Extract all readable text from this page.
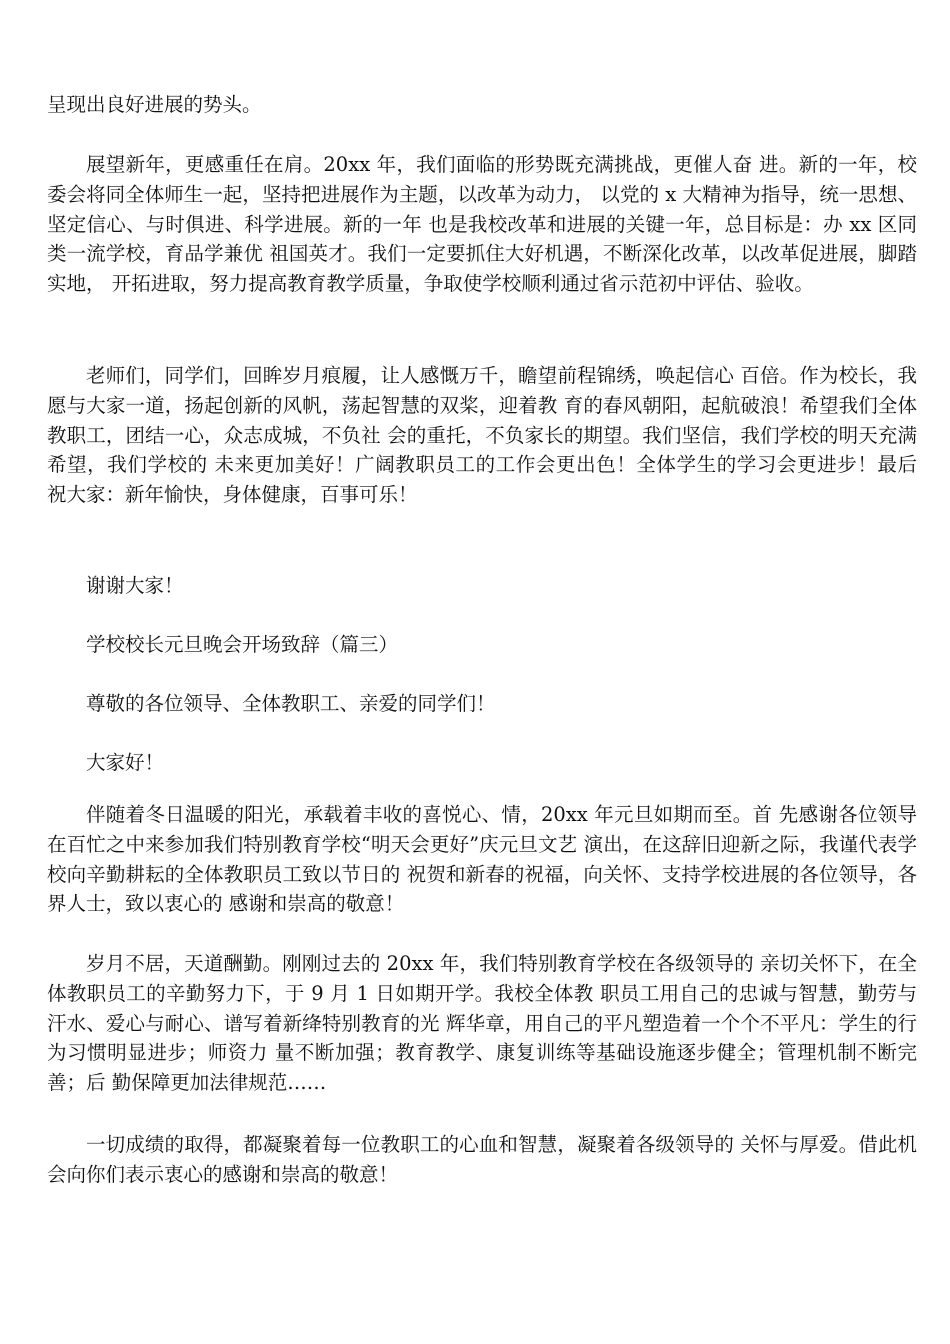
呈现出良好进展的势头。

展望新年，更感重任在肩。20xx 年，我们面临的形势既充满挑战，更催人奋 进。新的一年，校委会将同全体师生一起，坚持把进展作为主题，以改革为动力， 以党的 x 大精神为指导，统一思想、坚定信心、与时俱进、科学进展。新的一年 也是我校改革和进展的关键一年，总目标是：办 xx 区同类一流学校，育品学兼优 祖国英才。我们一定要抓住大好机遇，不断深化改革，以改革促进展，脚踏实地， 开拓进取，努力提高教育教学质量，争取使学校顺利通过省示范初中评估、验收。

老师们，同学们，回眸岁月痕履，让人感慨万千，瞻望前程锦绣，唤起信心 百倍。作为校长，我愿与大家一道，扬起创新的风帆，荡起智慧的双桨，迎着教 育的春风朝阳，起航破浪！希望我们全体教职工，团结一心，众志成城，不负社 会的重托，不负家长的期望。我们坚信，我们学校的明天充满希望，我们学校的 未来更加美好！广阔教职员工的工作会更出色！全体学生的学习会更进步！最后 祝大家：新年愉快，身体健康，百事可乐！

谢谢大家！

学校校长元旦晚会开场致辞（篇三）

尊敬的各位领导、全体教职工、亲爱的同学们！

大家好！

伴随着冬日温暖的阳光，承载着丰收的喜悦心、情，20xx 年元旦如期而至。首 先感谢各位领导在百忙之中来参加我们特别教育学校“明天会更好”庆元旦文艺 演出，在这辞旧迎新之际，我谨代表学校向辛勤耕耘的全体教职员工致以节日的 祝贺和新春的祝福，向关怀、支持学校进展的各位领导，各界人士，致以衷心的 感谢和崇高的敬意！

岁月不居，天道酬勤。刚刚过去的 20xx 年，我们特别教育学校在各级领导的 亲切关怀下，在全体教职员工的辛勤努力下，于 9 月 1 日如期开学。我校全体教 职员工用自己的忠诚与智慧，勤劳与汗水、爱心与耐心、谱写着新绛特别教育的光 辉华章，用自己的平凡塑造着一个个不平凡：学生的行为习惯明显进步；师资力 量不断加强；教育教学、康复训练等基础设施逐步健全；管理机制不断完善；后 勤保障更加法律规范……

一切成绩的取得，都凝聚着每一位教职工的心血和智慧，凝聚着各级领导的 关怀与厚爱。借此机会向你们表示衷心的感谢和崇高的敬意！
